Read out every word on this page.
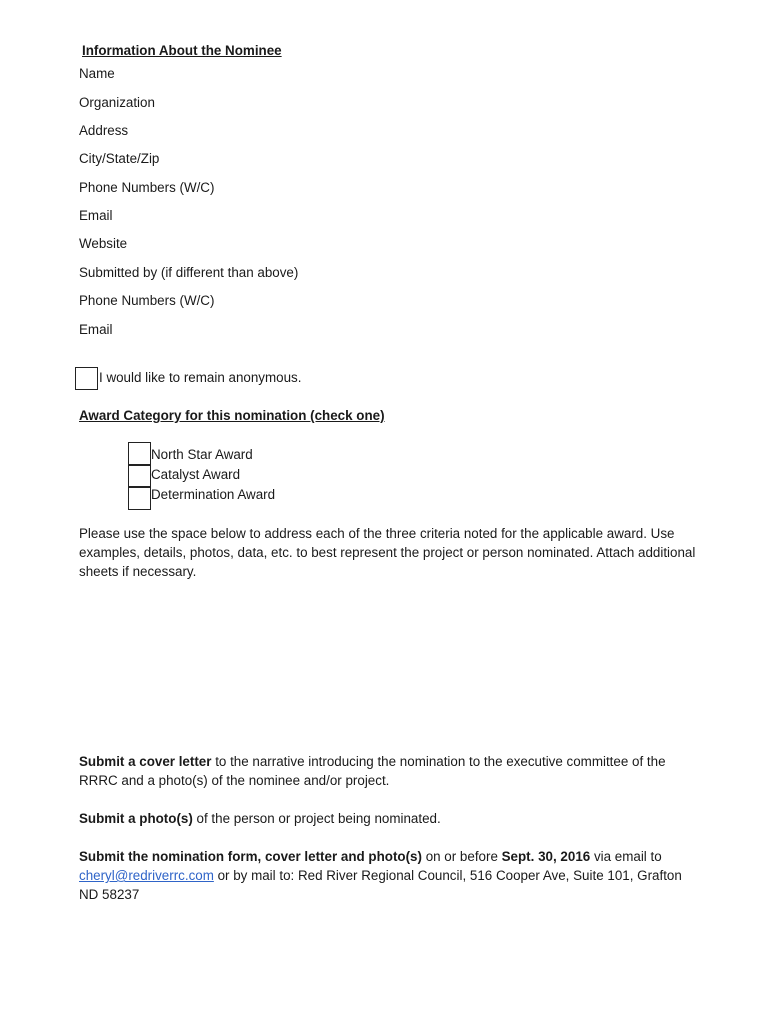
Information About the Nominee
Name
Organization
Address
City/State/Zip
Phone Numbers (W/C)
Email
Website
Submitted by (if different than above)
Phone Numbers (W/C)
Email
I would like to remain anonymous.
Award Category for this nomination (check one)
North Star Award
Catalyst Award
Determination Award

Please use the space below to address each of the three criteria noted for the applicable award. Use examples, details, photos, data, etc. to best represent the project or person nominated. Attach additional sheets if necessary.

Submit a cover letter to the narrative introducing the nomination to the executive committee of the RRRC and a photo(s) of the nominee and/or project.

Submit a photo(s) of the person or project being nominated.

Submit the nomination form, cover letter and photo(s) on or before Sept. 30, 2016 via email to
cheryl@redriverrc.com or by mail to: Red River Regional Council, 516 Cooper Ave, Suite 101, Grafton ND 58237
